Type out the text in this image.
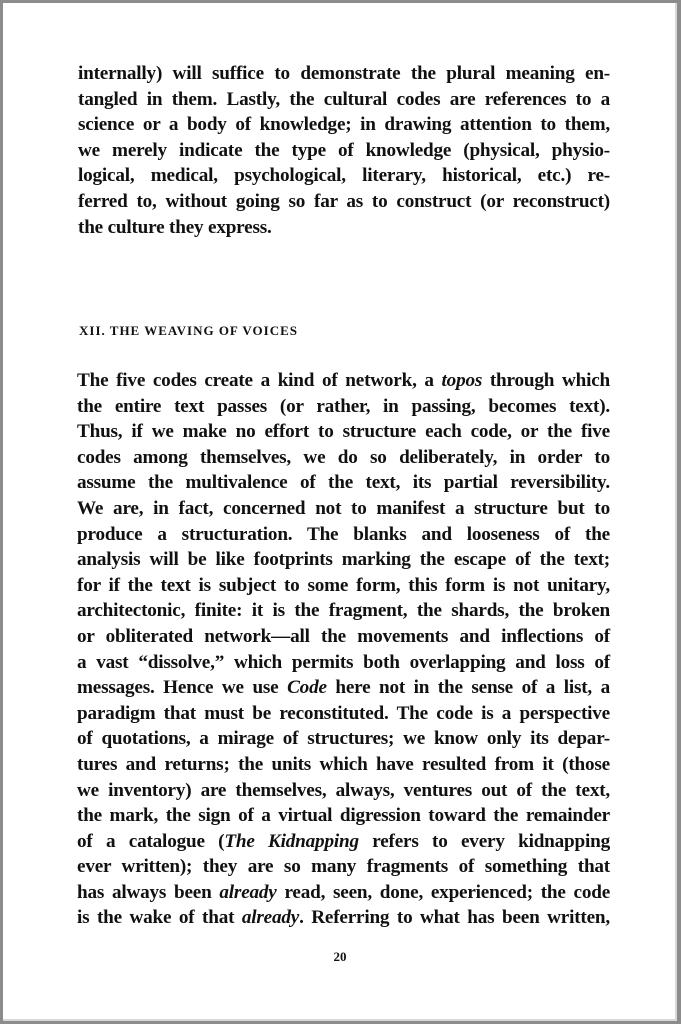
internally) will suffice to demonstrate the plural meaning en-
tangled in them. Lastly, the cultural codes are references to a
science or a body of knowledge; in drawing attention to them,
we merely indicate the type of knowledge (physical, physio-
logical, medical, psychological, literary, historical, etc.) re-
ferred to, without going so far as to construct (or reconstruct)
the culture they express.
XII. THE WEAVING OF VOICES
The five codes create a kind of network, a topos through which
the entire text passes (or rather, in passing, becomes text).
Thus, if we make no effort to structure each code, or the five
codes among themselves, we do so deliberately, in order to
assume the multivalence of the text, its partial reversibility.
We are, in fact, concerned not to manifest a structure but to
produce a structuration. The blanks and looseness of the
analysis will be like footprints marking the escape of the text;
for if the text is subject to some form, this form is not unitary,
architectonic, finite: it is the fragment, the shards, the broken
or obliterated network—all the movements and inflections of
a vast “dissolve,” which permits both overlapping and loss of
messages. Hence we use Code here not in the sense of a list, a
paradigm that must be reconstituted. The code is a perspective
of quotations, a mirage of structures; we know only its depar-
tures and returns; the units which have resulted from it (those
we inventory) are themselves, always, ventures out of the text,
the mark, the sign of a virtual digression toward the remainder
of a catalogue (The Kidnapping refers to every kidnapping
ever written); they are so many fragments of something that
has always been already read, seen, done, experienced; the code
is the wake of that already. Referring to what has been written,
20
